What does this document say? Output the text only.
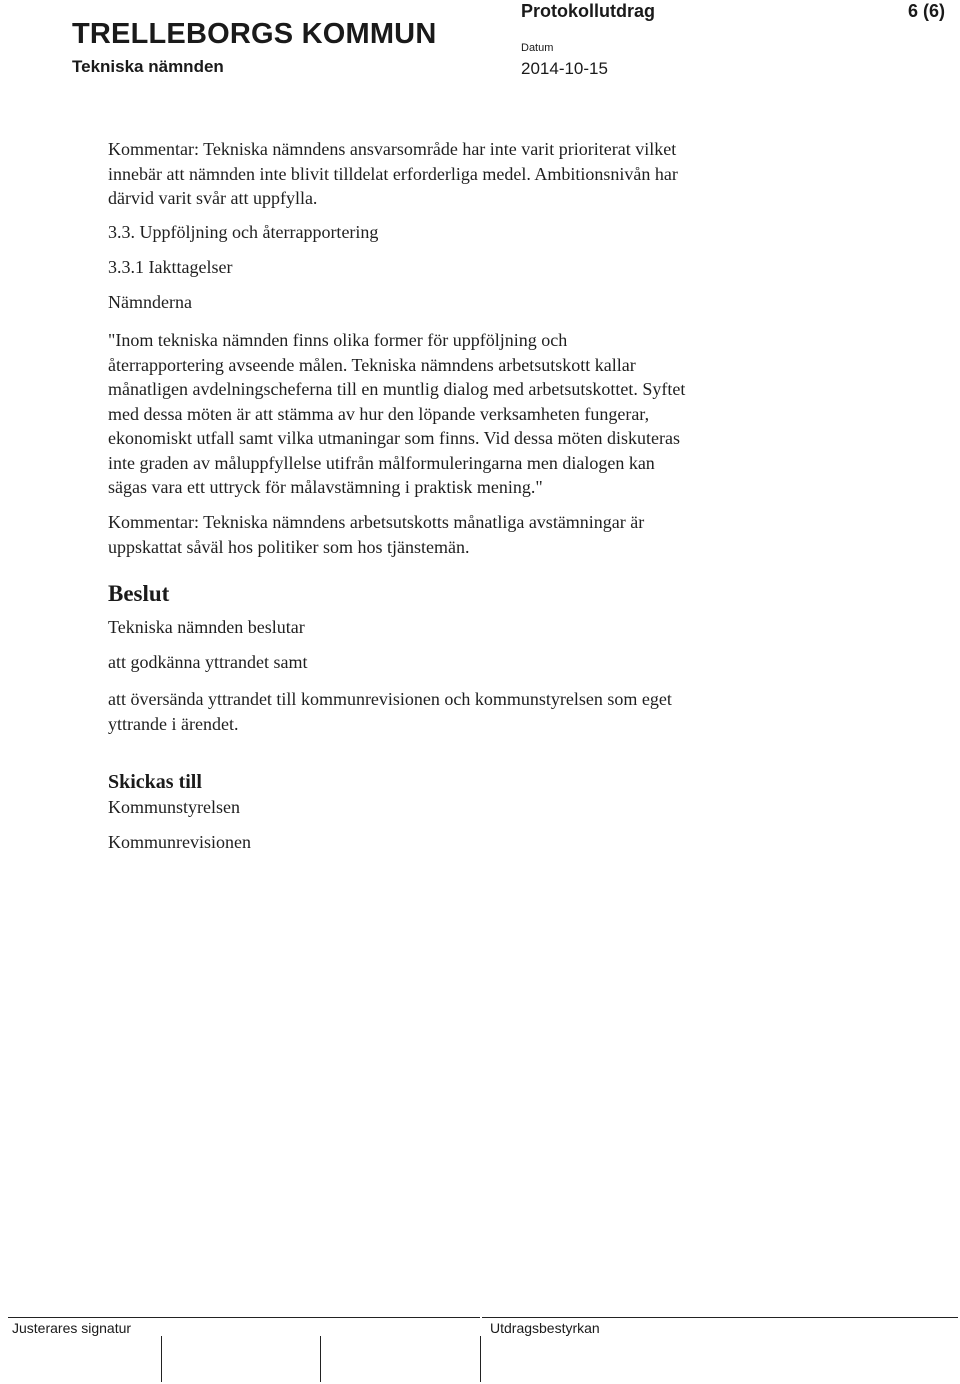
TRELLEBORGS KOMMUN
Tekniska nämnden
Protokollutdrag
Datum
2014-10-15
6 (6)
Kommentar: Tekniska nämndens ansvarsområde har inte varit prioriterat vilket
innebär att nämnden inte blivit tilldelat erforderliga medel. Ambitionsnivån har
därvid varit svår att uppfylla.
3.3. Uppföljning och återrapportering
3.3.1 Iakttagelser
Nämnderna
"Inom tekniska nämnden finns olika former för uppföljning och
återrapportering avseende målen. Tekniska nämndens arbetsutskott kallar
månatligen avdelningscheferna till en muntlig dialog med arbetsutskottet. Syftet
med dessa möten är att stämma av hur den löpande verksamheten fungerar,
ekonomiskt utfall samt vilka utmaningar som finns. Vid dessa möten diskuteras
inte graden av måluppfyllelse utifrån målformuleringarna men dialogen kan
sägas vara ett uttryck för målavstämning i praktisk mening."
Kommentar: Tekniska nämndens arbetsutskotts månatliga avstämningar är
uppskattat såväl hos politiker som hos tjänstemän.
Beslut
Tekniska nämnden beslutar
att godkänna yttrandet samt
att översända yttrandet till kommunrevisionen och kommunstyrelsen som eget
yttrande i ärendet.
Skickas till
Kommunstyrelsen
Kommunrevisionen
Justerares signatur	Utdragsbestyrkan
